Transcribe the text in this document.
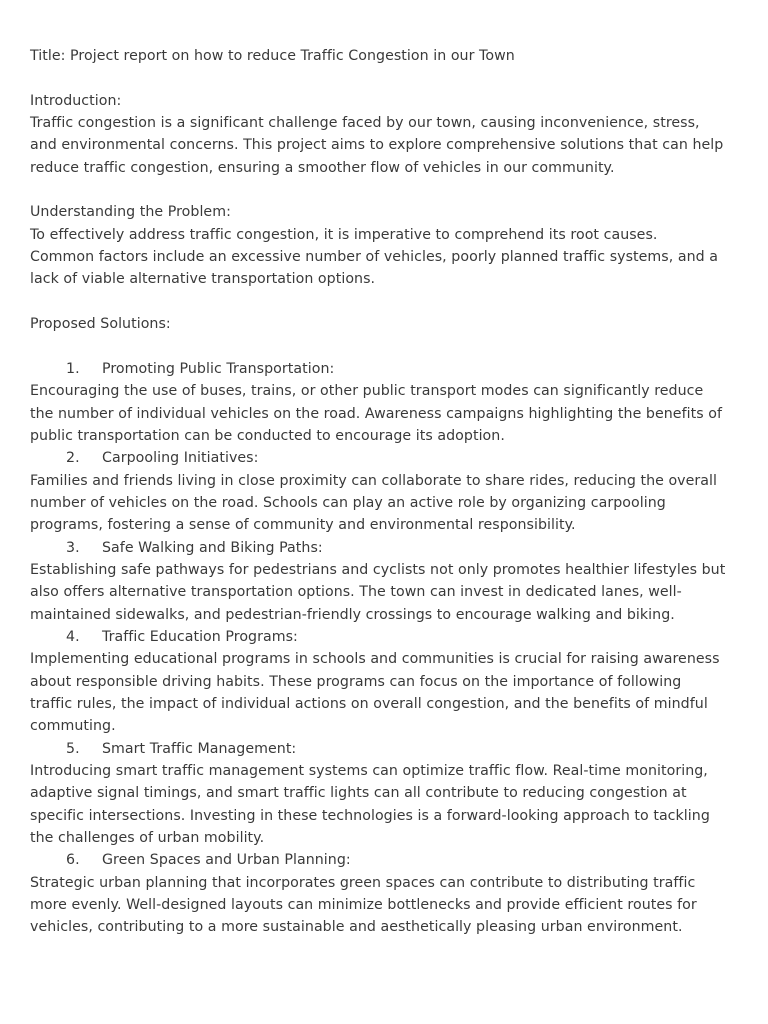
Title: Project report on how to reduce Traffic Congestion in our Town
Introduction:
Traffic congestion is a significant challenge faced by our town, causing inconvenience, stress,
and environmental concerns. This project aims to explore comprehensive solutions that can help
reduce traffic congestion, ensuring a smoother flow of vehicles in our community.
Understanding the Problem:
To effectively address traffic congestion, it is imperative to comprehend its root causes.
Common factors include an excessive number of vehicles, poorly planned traffic systems, and a
lack of viable alternative transportation options.
Proposed Solutions:
1. Promoting Public Transportation:
Encouraging the use of buses, trains, or other public transport modes can significantly reduce
the number of individual vehicles on the road. Awareness campaigns highlighting the benefits of
public transportation can be conducted to encourage its adoption.
2. Carpooling Initiatives:
Families and friends living in close proximity can collaborate to share rides, reducing the overall
number of vehicles on the road. Schools can play an active role by organizing carpooling
programs, fostering a sense of community and environmental responsibility.
3. Safe Walking and Biking Paths:
Establishing safe pathways for pedestrians and cyclists not only promotes healthier lifestyles but
also offers alternative transportation options. The town can invest in dedicated lanes, well-
maintained sidewalks, and pedestrian-friendly crossings to encourage walking and biking.
4. Traffic Education Programs:
Implementing educational programs in schools and communities is crucial for raising awareness
about responsible driving habits. These programs can focus on the importance of following
traffic rules, the impact of individual actions on overall congestion, and the benefits of mindful
commuting.
5. Smart Traffic Management:
Introducing smart traffic management systems can optimize traffic flow. Real-time monitoring,
adaptive signal timings, and smart traffic lights can all contribute to reducing congestion at
specific intersections. Investing in these technologies is a forward-looking approach to tackling
the challenges of urban mobility.
6. Green Spaces and Urban Planning:
Strategic urban planning that incorporates green spaces can contribute to distributing traffic
more evenly. Well-designed layouts can minimize bottlenecks and provide efficient routes for
vehicles, contributing to a more sustainable and aesthetically pleasing urban environment.
